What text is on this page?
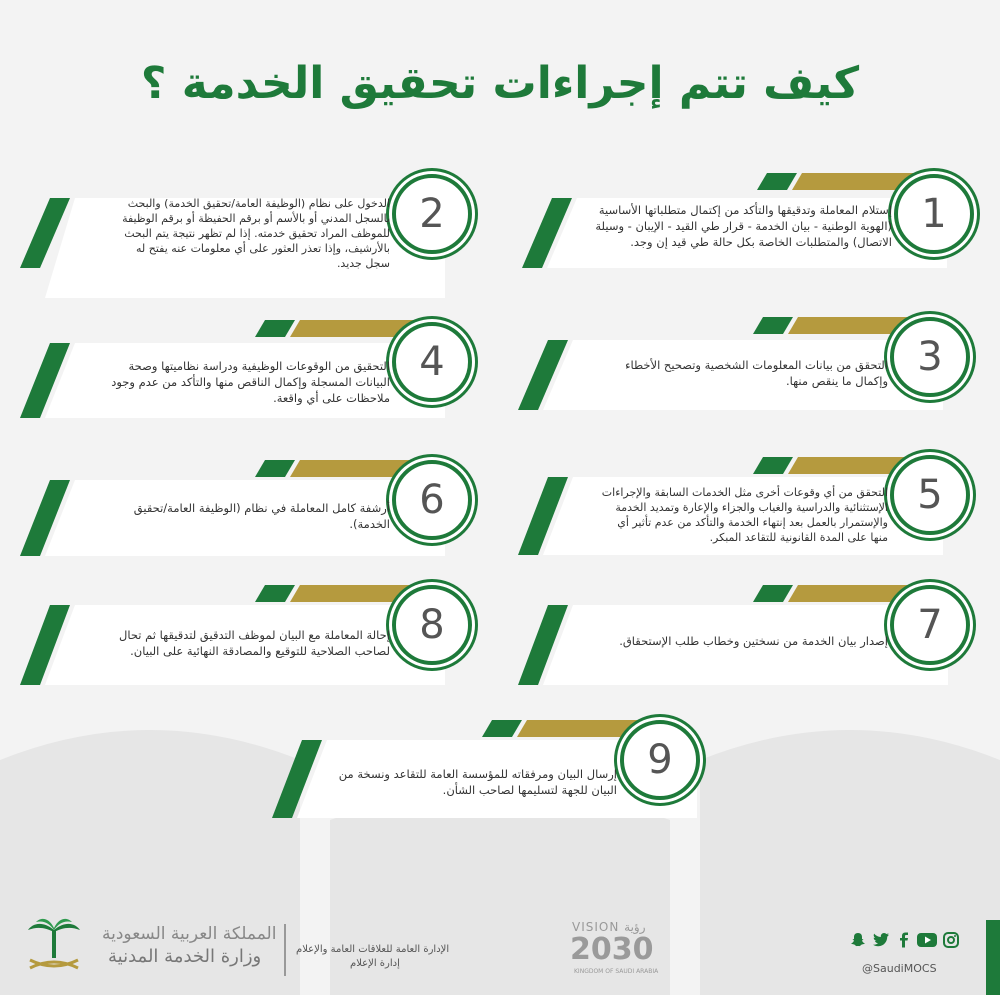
كيف تتم إجراءات تحقيق الخدمة ؟
1
إستلام المعاملة وتدقيقها والتأكد من إكتمال متطلباتها الأساسية (الهوية الوطنية - بيان الخدمة - قرار طي القيد - الإيبان - وسيلة الاتصال) والمتطلبات الخاصة بكل حالة طي قيد إن وجد.
2
الدخول على نظام (الوظيفة العامة/تحقيق الخدمة) والبحث بالسجل المدني أو بالأسم أو برقم الحفيظة أو برقم الوظيفة للموظف المراد تحقيق خدمته. إذا لم تظهر نتيجة يتم البحث بالأرشيف، وإذا تعذر العثور على أي معلومات عنه يفتح له سجل جديد.
3
التحقق من بيانات المعلومات الشخصية وتصحيح الأخطاء وإكمال ما ينقص منها.
4
التحقيق من الوقوعات الوظيفية ودراسة نظاميتها وصحة البيانات المسجلة وإكمال الناقص منها والتأكد من عدم وجود ملاحظات على أي واقعة.
5
التحقق من أي وقوعات أخرى مثل الخدمات السابقة والإجراءات الإستثنائية والدراسية والغياب والجزاء والإعارة وتمديد الخدمة والإستمرار بالعمل بعد إنتهاء الخدمة والتأكد من عدم تأثير أي منها على المدة القانونية للتقاعد المبكر.
6
أرشفة كامل المعاملة في نظام (الوظيفة العامة/تحقيق الخدمة).
7
إصدار بيان الخدمة من نسختين وخطاب طلب الإستحقاق.
8
إحالة المعاملة مع البيان لموظف التدقيق لتدقيقها ثم تحال لصاحب الصلاحية للتوقيع والمصادقة النهائية على البيان.
9
إرسال البيان ومرفقاته للمؤسسة العامة للتقاعد ونسخة من البيان للجهة لتسليمها لصاحب الشأن.
المملكة العربية السعودية
وزارة الخدمة المدنية	الإدارة العامة للعلاقات العامة والإعلام
إدارة الإعلام
VISION رؤية
2030
KINGDOM OF SAUDI ARABIA	@SaudiMOCS
